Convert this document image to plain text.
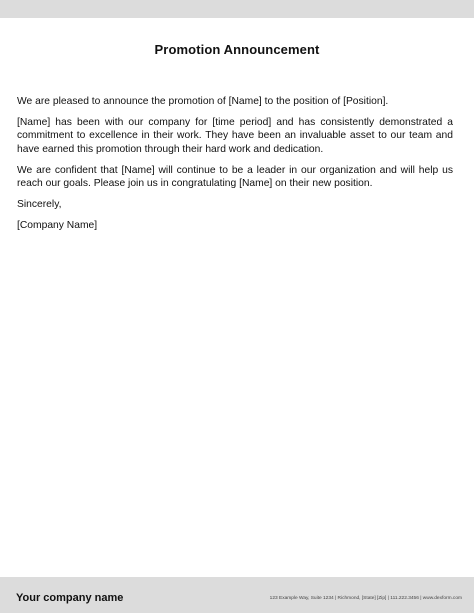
Promotion Announcement

We are pleased to announce the promotion of [Name] to the position of [Position].

[Name] has been with our company for [time period] and has consistently demonstrated a commitment to excellence in their work. They have been an invaluable asset to our team and have earned this promotion through their hard work and dedication.

We are confident that [Name] will continue to be a leader in our organization and will help us reach our goals. Please join us in congratulating [Name] on their new position.

Sincerely,

[Company Name]

Your company name	123 Example Way, Suite 1234 | Richmond, [State] [Zip] | 111.222.3456 | www.dexform.com
